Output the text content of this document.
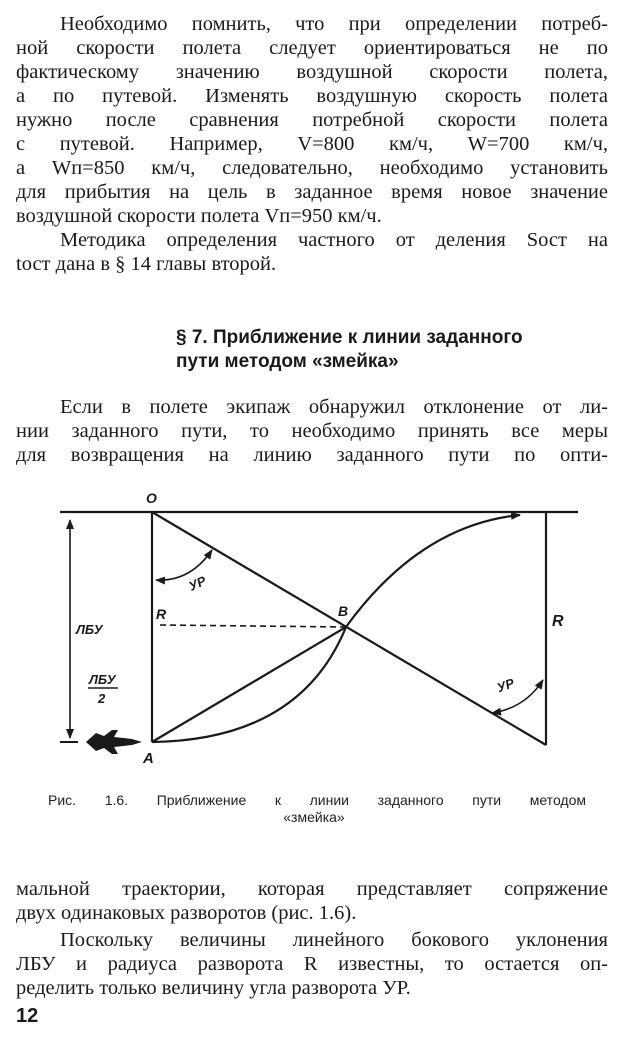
Необходимо помнить, что при определении потреб-
ной скорости полета следует ориентироваться не по
фактическому значению воздушной скорости полета,
а по путевой. Изменять воздушную скорость полета
нужно после сравнения потребной скорости полета
с путевой. Например, V=800 км/ч, W=700 км/ч,
а Wп=850 км/ч, следовательно, необходимо установить
для прибытия на цель в заданное время новое значение
воздушной скорости полета Vп=950 км/ч.
Методика определения частного от деления Sост на
tост дана в § 14 главы второй.
§ 7. Приближение к линии заданного
пути методом «змейка»
Если в полете экипаж обнаружил отклонение от ли-
нии заданного пути, то необходимо принять все меры
для возвращения на линию заданного пути по опти-
O
A
B
R	R
УР
УР
ЛБУ
ЛБУ
2
Рис. 1.6. Приближение к линии заданного пути методом
«змейка»
мальной траектории, которая представляет сопряжение
двух одинаковых разворотов (рис. 1.6).
Поскольку величины линейного бокового уклонения
ЛБУ и радиуса разворота R известны, то остается оп-
ределить только величину угла разворота УР.
12
